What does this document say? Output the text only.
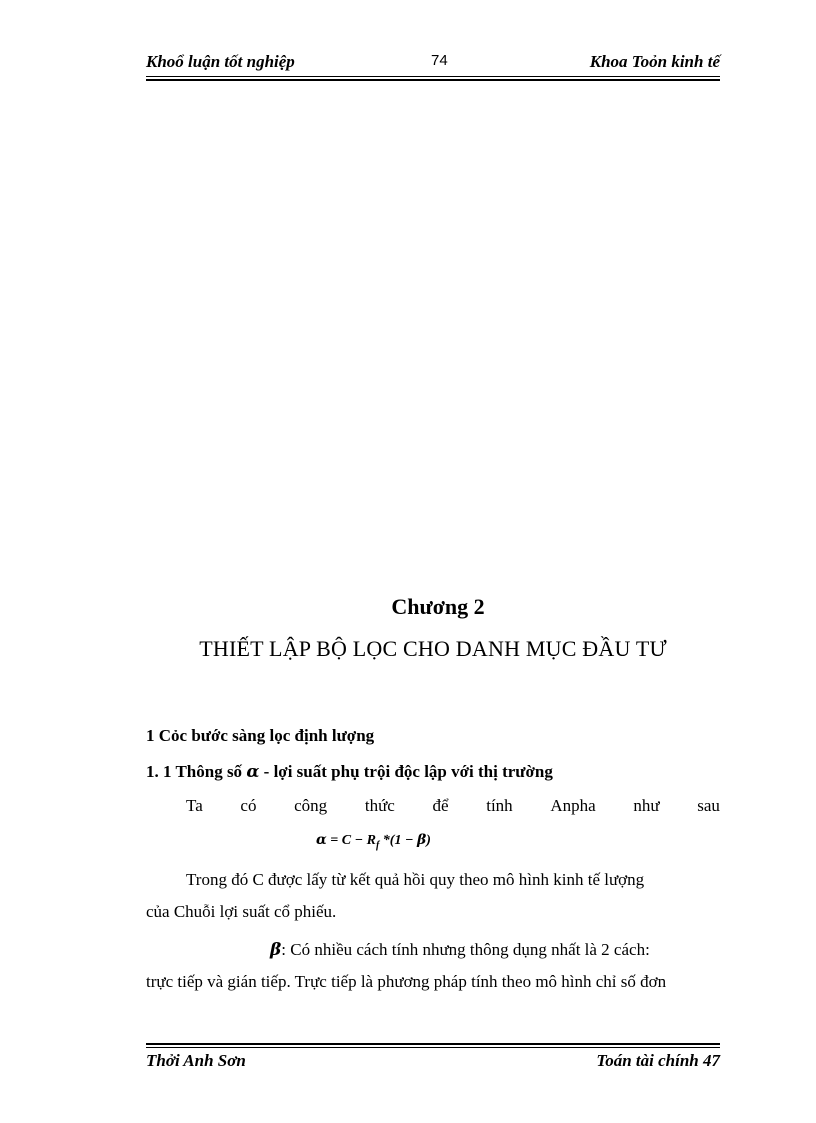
Khoổ luận tốt nghiệp	74	Khoa Toỏn kinh tế
Chương 2
THIẾT LẬP BỘ LỌC CHO DANH MỤC ĐẦU TƯ
1 Cỏc bước sàng lọc định lượng
1. 1 Thông số α - lợi suất phụ trội độc lập với thị trường
Ta có công thức để tính Anpha như sau
$\alpha = C - R_f$ *(1 − β)
Trong đó C được lấy từ kết quả hồi quy theo mô hình kinh tế lượng
của Chuỗi lợi suất cổ phiếu.
β: Có nhiều cách tính nhưng thông dụng nhất là 2 cách:
trực tiếp và gián tiếp. Trực tiếp là phương pháp tính theo mô hình chỉ số đơn
Thởi Anh Sơn	Toán tài chính 47
